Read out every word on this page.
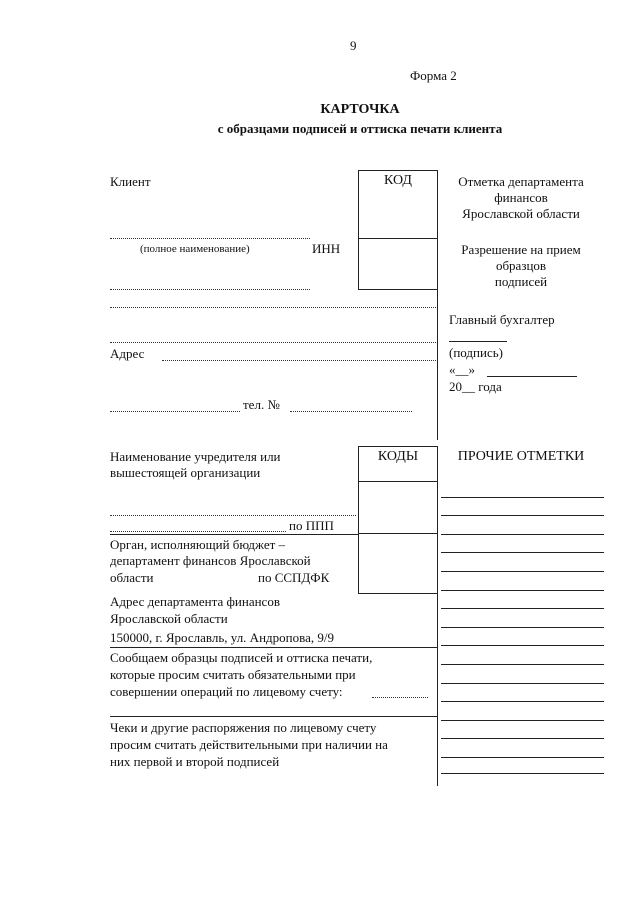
9
Форма 2
КАРТОЧКА
с образцами подписей и оттиска печати клиента
КОД
Клиент
(полное наименование)	ИНН
Адрес
тел. №
Отметка департамента
финансов
Ярославской области
Разрешение на прием
образцов
подписей
Главный бухгалтер
(подпись)
«__»
20__ года
Наименование учредителя или
вышестоящей организации
КОДЫ	ПРОЧИЕ ОТМЕТКИ
по ППП
Орган, исполняющий бюджет –
департамент финансов Ярославской
области	по ССПДФК
Адрес департамента финансов
Ярославской области
150000, г. Ярославль, ул. Андропова, 9/9
Сообщаем образцы подписей и оттиска печати,
которые просим считать обязательными при
совершении операций по лицевому счету:
Чеки и другие распоряжения по лицевому счету
просим считать действительными при наличии на
них первой и второй подписей
